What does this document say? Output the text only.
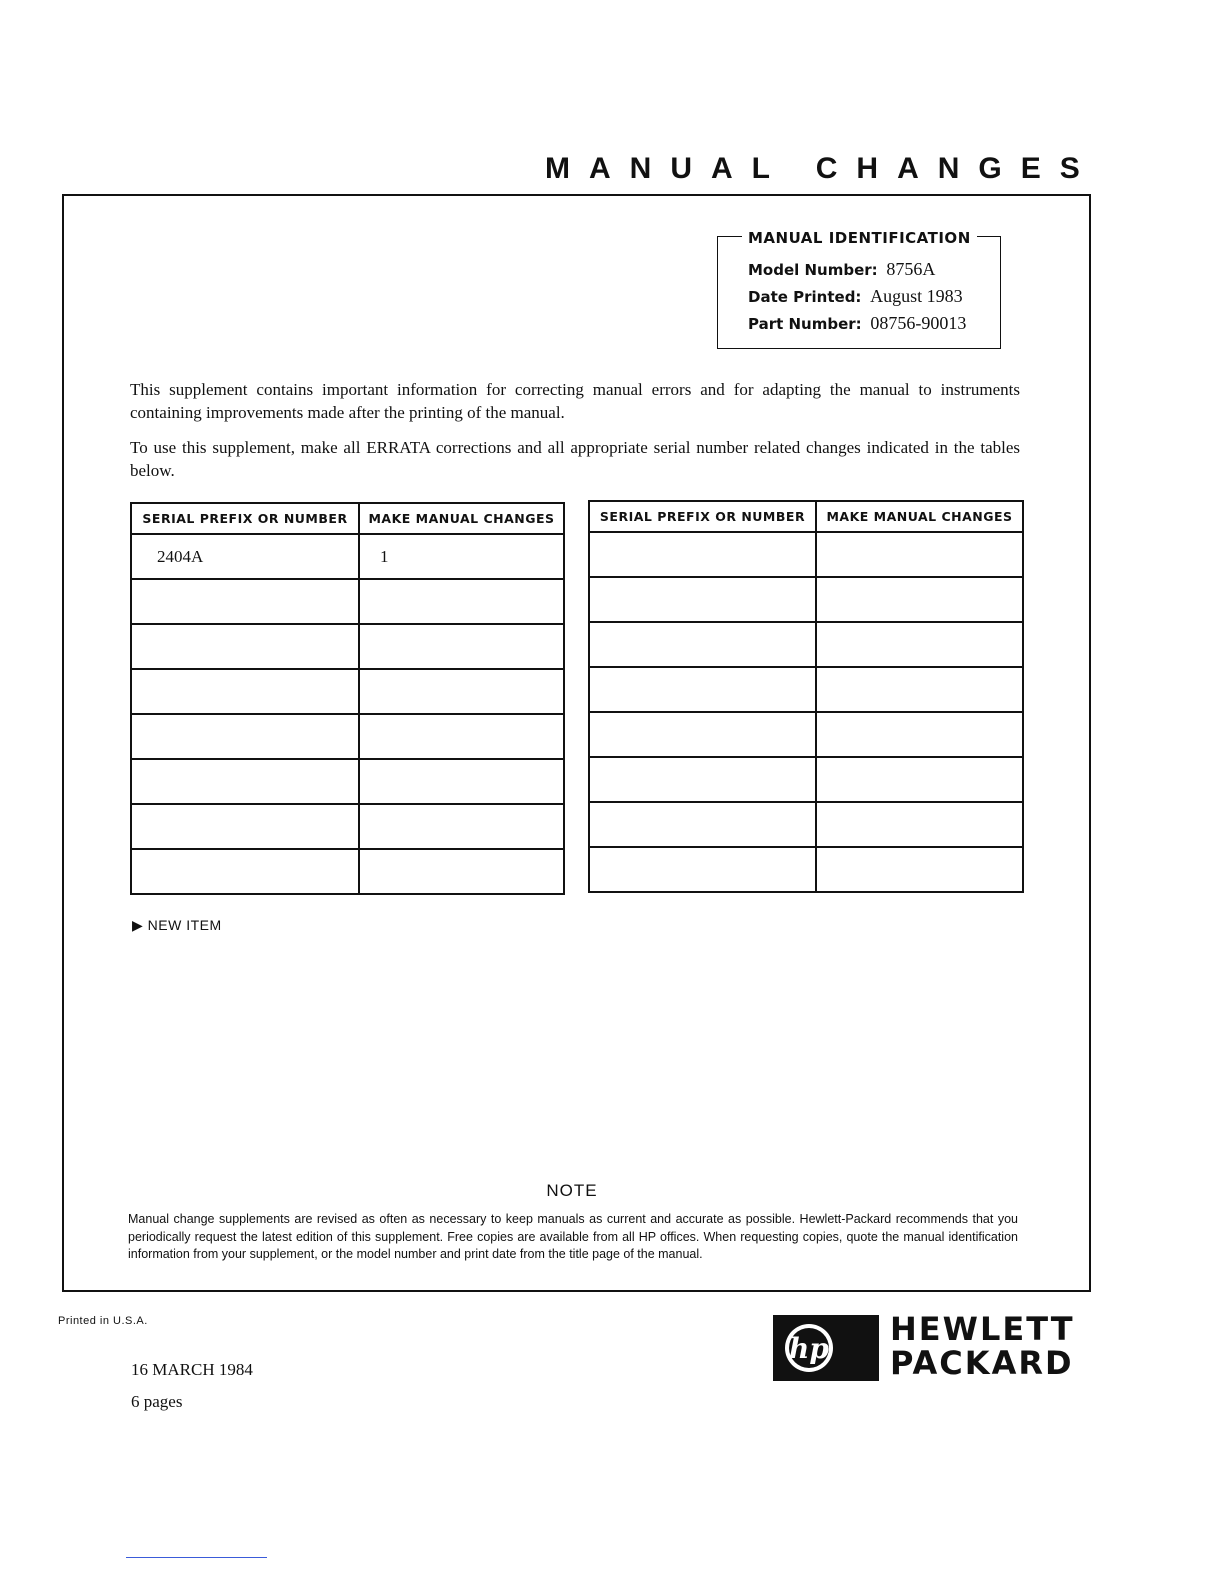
MANUAL CHANGES
MANUAL IDENTIFICATION
Model Number: 8756A
Date Printed: August 1983
Part Number: 08756-90013

This supplement contains important information for correcting manual errors and for adapting the manual to instruments containing improvements made after the printing of the manual.

To use this supplement, make all ERRATA corrections and all appropriate serial number related changes indicated in the tables below.

SERIAL PREFIX OR NUMBER	MAKE MANUAL CHANGES
2404A	1

SERIAL PREFIX OR NUMBER	MAKE MANUAL CHANGES

▶ NEW ITEM
NOTE

Manual change supplements are revised as often as necessary to keep manuals as current and accurate as possible. Hewlett-Packard recommends that you periodically request the latest edition of this supplement. Free copies are available from all HP offices. When requesting copies, quote the manual identification information from your supplement, or the model number and print date from the title page of the manual.

Printed in U.S.A.
16 MARCH 1984
6 pages
hp
HEWLETT
PACKARD
